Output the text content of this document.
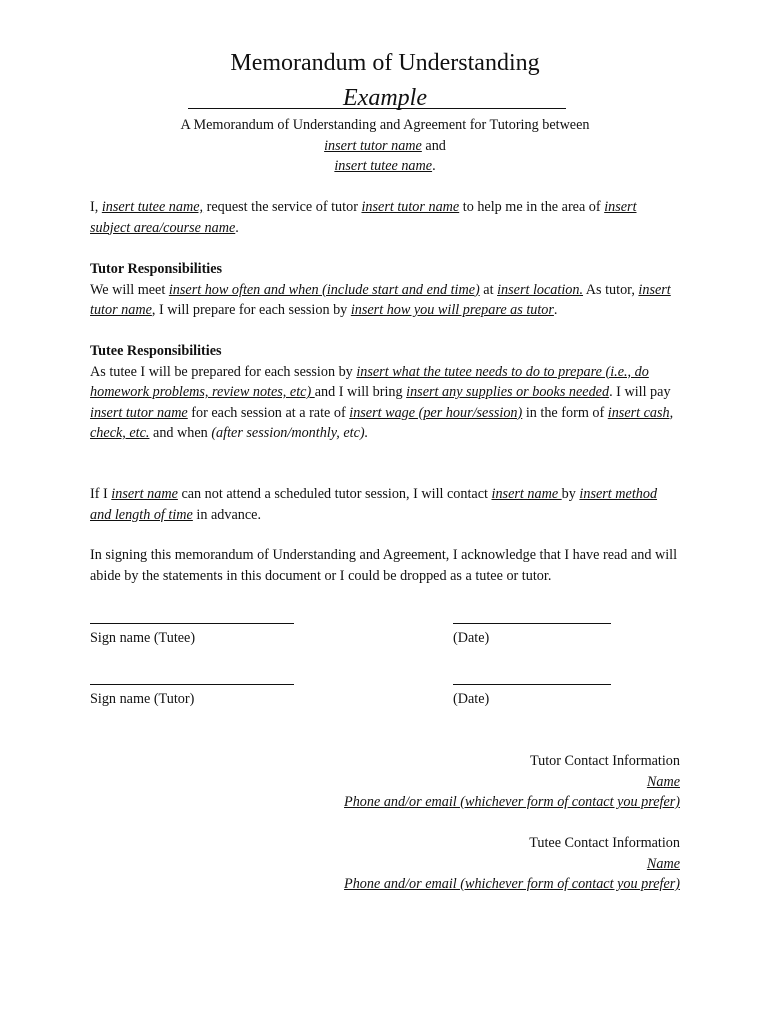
Memorandum of Understanding
Example
A Memorandum of Understanding and Agreement for Tutoring between
insert tutor name and
insert tutee name.
I, insert tutee name, request the service of tutor insert tutor name to help me in the area of insert subject area/course name.
Tutor Responsibilities
We will meet insert how often and when (include start and end time) at insert location. As tutor, insert tutor name, I will prepare for each session by insert how you will prepare as tutor.
Tutee Responsibilities
As tutee I will be prepared for each session by insert what the tutee needs to do to prepare (i.e., do homework problems, review notes, etc) and I will bring insert any supplies or books needed. I will pay insert tutor name for each session at a rate of insert wage (per hour/session) in the form of insert cash, check, etc. and when (after session/monthly, etc).
If I insert name can not attend a scheduled tutor session, I will contact insert name by insert method and length of time in advance.
In signing this memorandum of Understanding and Agreement, I acknowledge that I have read and will abide by the statements in this document or I could be dropped as a tutee or tutor.
Sign name (Tutee)	(Date)
Sign name (Tutor)	(Date)
Tutor Contact Information
Name
Phone and/or email (whichever form of contact you prefer)
Tutee Contact Information
Name
Phone and/or email (whichever form of contact you prefer)
